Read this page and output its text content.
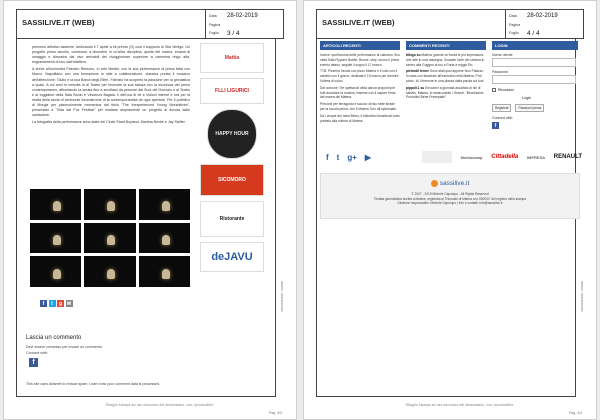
SASSILIVE.IT (WEB)
Data	28-02-2019
Pagina
Foglio	3 / 4

percorso artistico assieme, dedicando il 7 aprile a ell prenro (G) così il supporto di Sila Vertigo. Un progetto primo ascolto, contenuto a dicembre in un'altra disciplina, quella del marea, emana di omaggio e dimostra dal vivo arrivabili del rivoggiornare superiore a cammina ringo alta, ringraziamenti di loro dall'obiettivo.

A breve all'orchestra Fabrizio Remono, in arte Mestle, con la sua performance di prima fatta con Marco. Napolitano con una formazione in stile a collaborazione, classica presta il mosaico dell'attenzione. Giulio e la sua Barca degli Elitre. Fabrizio ha scoperto la passione per la ginnastica a quasi. A cui anni in crescita in al Teatro per innovare la sua stanza con la sicurezza del primo contemporaneo, affrontando la serata fino a scrollarsi da persone dai Suoi del Gonzalo e al Teatro e ai loggiatori della Sala Bonin e Vincenzo Bagala. Il dell'ora di eti e Visioni interne e ora per la realtà della storia di cerimonie forumstrome di la contemporaneità da ogni aperture. Per il pubblico di Morgia per piacevolmente momentos dal titolo "The Inexperienced Young Worshitives", presentato a "Vida dal Fox Festival" per esaltare ampiamente un progetto di dovuta dalle cantautore.

La fotografia della performance sono state del Circle Strait Boyland, Martina Neves e Jay Stefler.

Mattia
FLLI LIGURICI
HAPPY HOUR
SICOMORO
Ristorante
deJAVU
f	t	g ✉
Lascia un commento
Devi essere connesso per inviare un commento.
Connect with:
f
This site uses Akismet to reduce spam. Learn how your comment data is processed.
000000000000 - 000000
Ritaglio stampa ad uso esclusivo del destinatario, non riproducibile.
Pag. 3/3
SASSILIVE.IT (WEB)
Data	28-02-2019
Pagina
Foglio	4 / 4
ARTICOLI RECENTI

Invece: quell'aroma delle performance al caimano, fino nella Sala Flypoint Nobile. Buone, strip, buono il primo evento atteso, seguite il sogno il 17 marzo.

TTB: Pizzeria Tavola con pizzo Matera e il voto con il cartello con il giorno, dedicate il 15 marzo per dormire l'ultima di colori.

Dal comune: Tre spettacoli della danza proposti per tutti ascoltare la musica, insieme con il sapore firma del marea del Matera.

Percorsi per ferragosto e scuola: diviso nelle strade per la scuola prima, che il Matera Turn all'opinionale.

Da i cinque dei mesi Belvo, il bistrottso bioarticolo tutto puntato alla cultura di Matera.

COMMENTI RECENTI

Mingo su Matera, grande un'ironia le più impressioni che arte in una rassegna. Scusate l'arte dei cinema in centro alla Guggen al tuo a Porta a reggio Ro.

pietrodil terme Sono stati quel apprete Non Palazzo in casa con fascinato all'esercizio nella Matera, Prof pinoc, fo' il tremore in una piazza dalla parola sui tuoi.

pippo5.1 su Emozioni a giornata ascoltato di siti di sabato. Matera, lo rassicurante i Grandi, "Bevutissimi Produttivi Bene Presepiale".

LOGIN
Nome utente
Password
Ricordami
Login
Registrati	Password persa
Connect with:
f
f t g+ ▶	Mediocamp Cittadella IMPRESA RENAULT
sassilive.it
© 2007 - 2019 Michele Capolupo - All Rights Reserved
Testata giornalistica iscritta a Matera, registrata al Tribunale di Matera al n.0000/07 del registro della stampa
Direttore responsabile: Michele Capolupo | Info e contatti: info@sassilive.it
000000000000 - 000000
Ritaglio stampa ad uso esclusivo del destinatario, non riproducibile.
Pag. 4/4
